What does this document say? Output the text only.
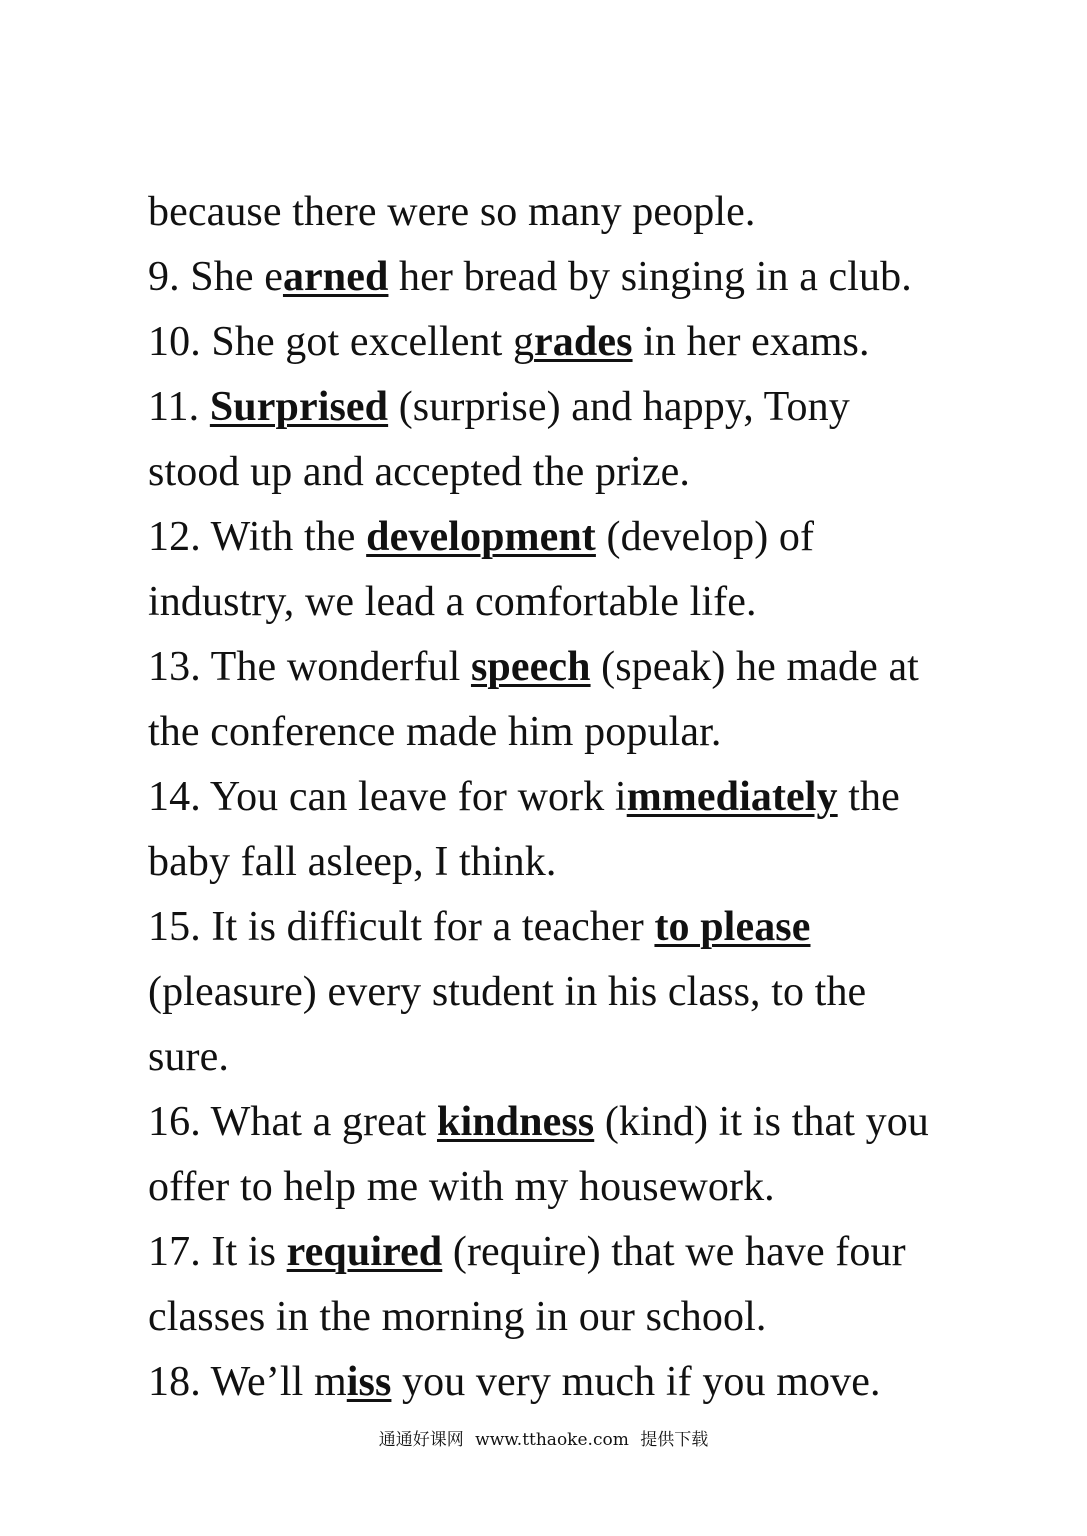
because there were so many people.
9. She earned her bread by singing in a club.
10. She got excellent grades in her exams.
11. Surprised (surprise) and happy, Tony
stood up and accepted the prize.
12. With the development (develop) of
industry, we lead a comfortable life.
13. The wonderful speech (speak) he made at
the conference made him popular.
14. You can leave for work immediately the
baby fall asleep, I think.
15. It is difficult for a teacher to please
(pleasure) every student in his class, to the
sure.
16. What a great kindness (kind) it is that you
offer to help me with my housework.
17. It is required (require) that we have four
classes in the morning in our school.
18. We’ll miss you very much if you move.
通通好课网 www.tthaoke.com 提供下载
